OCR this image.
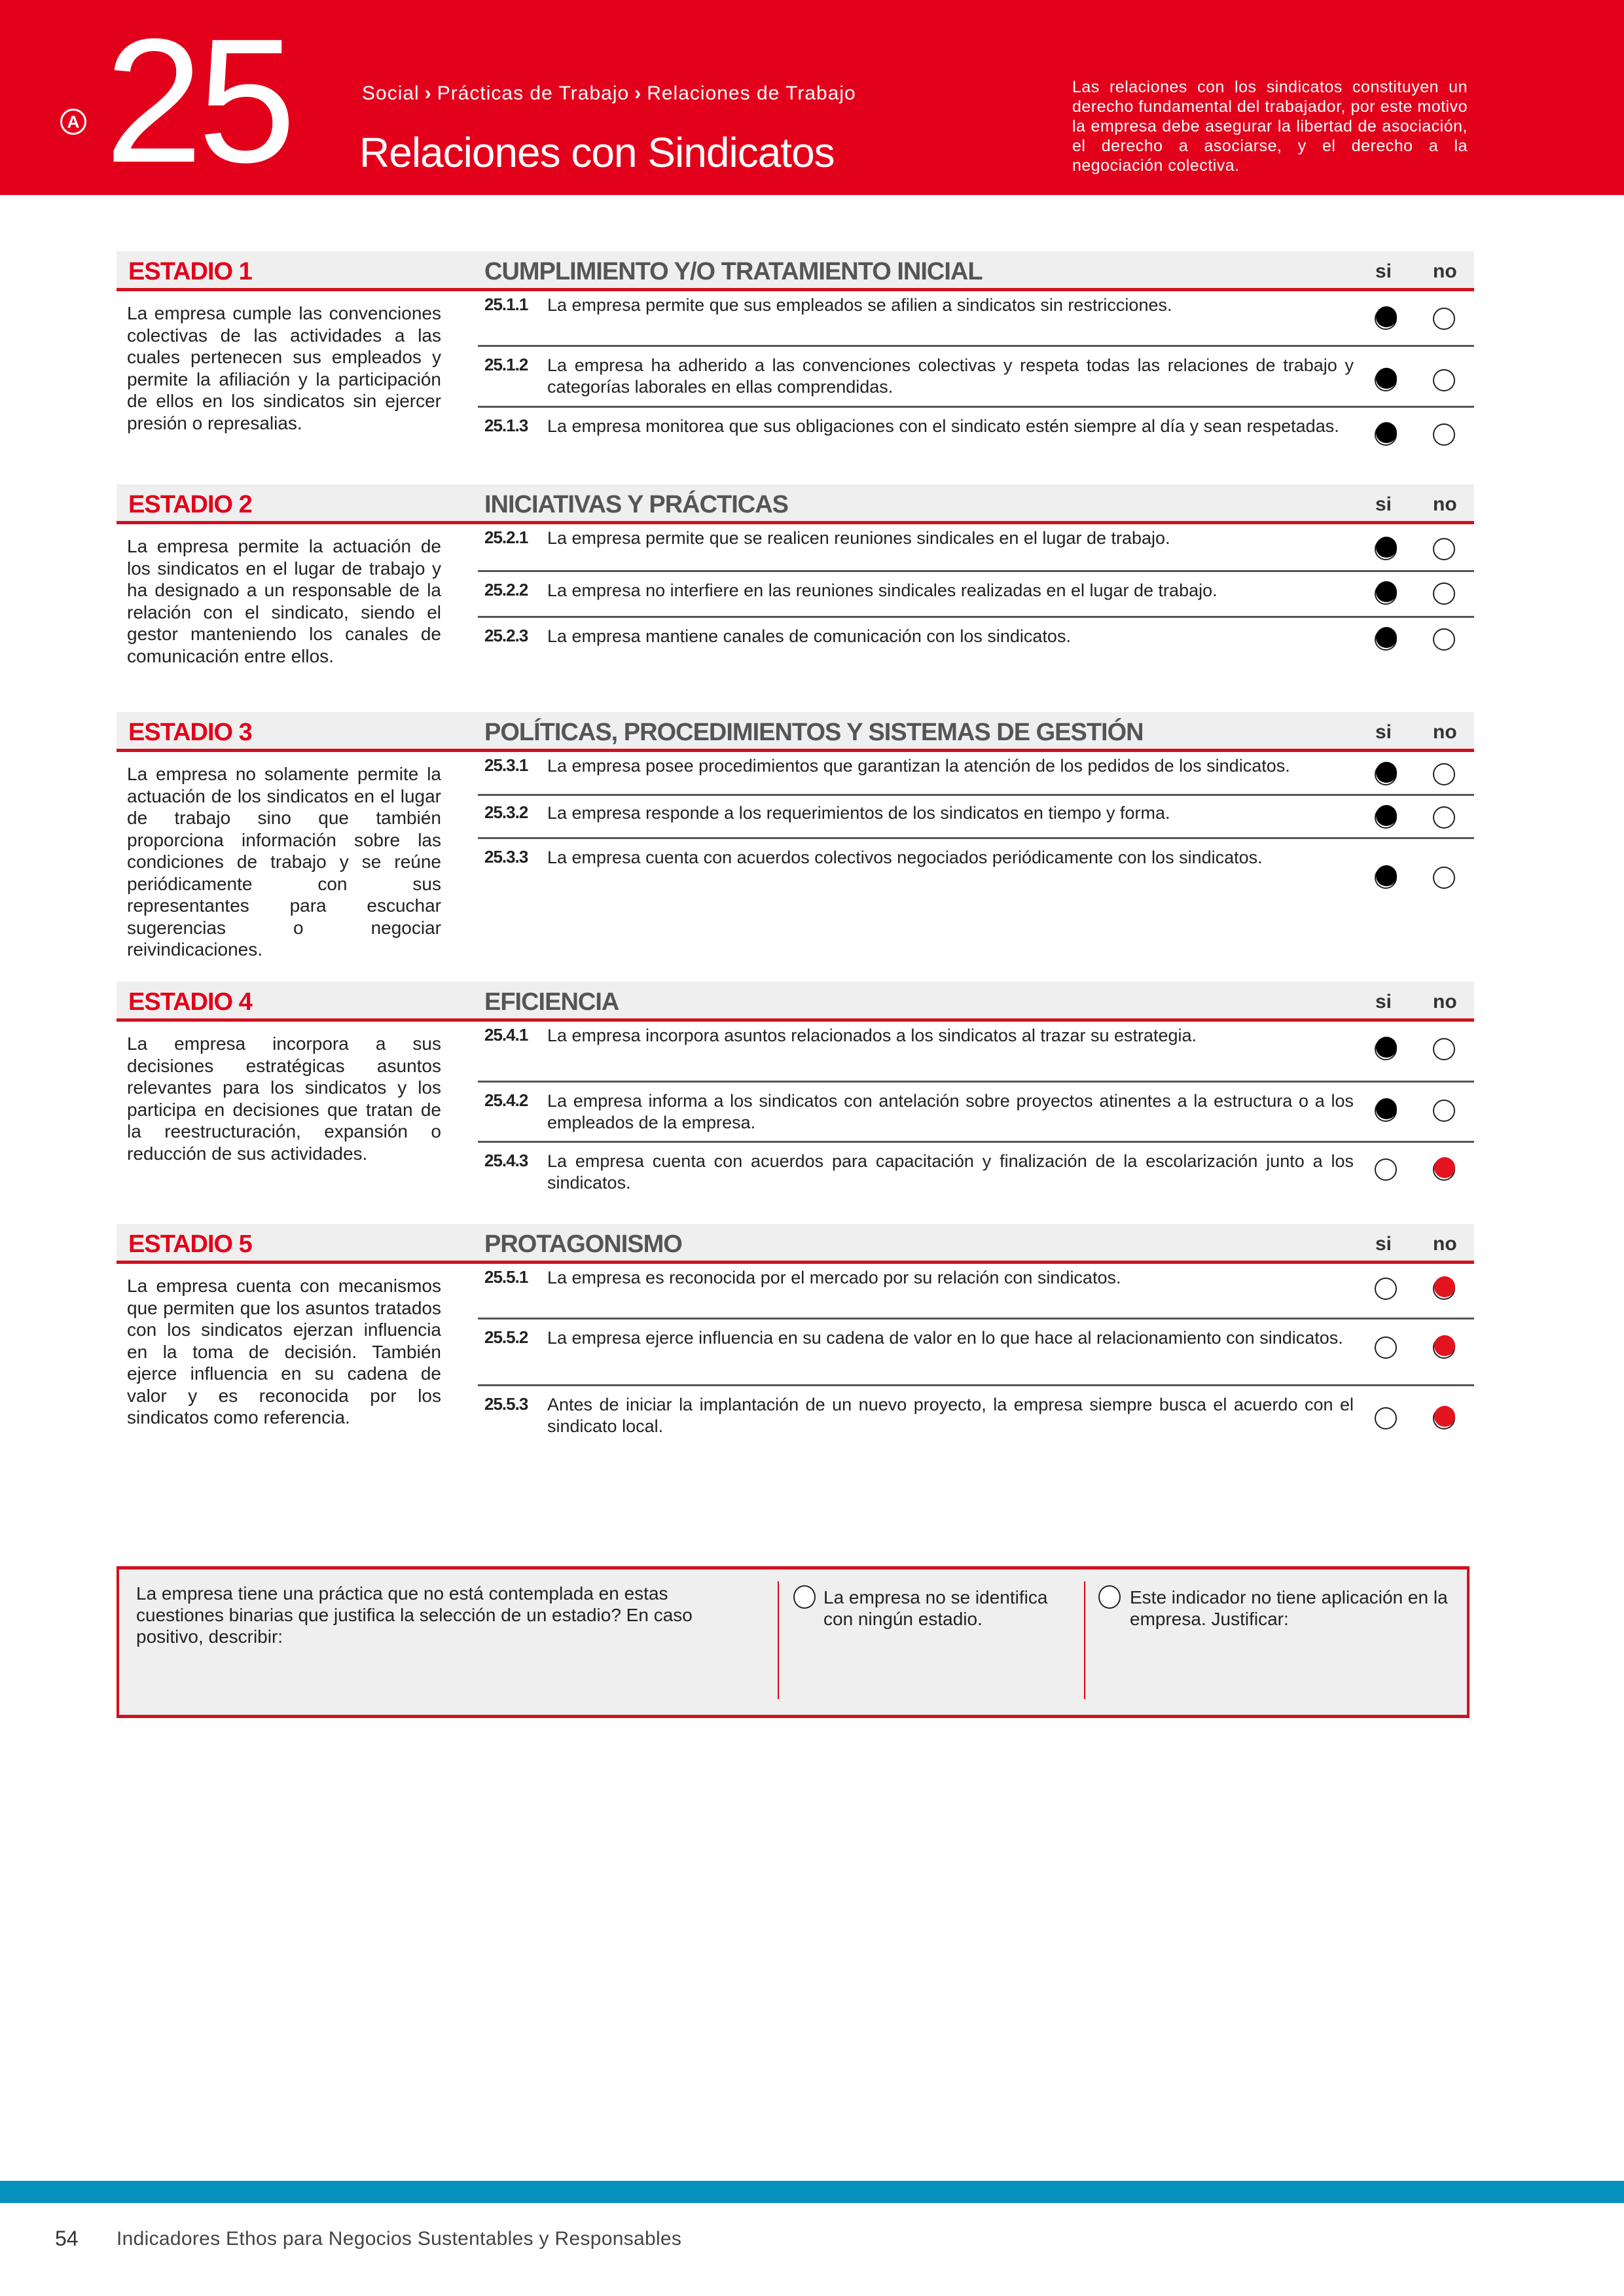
A 25	Social › Prácticas de Trabajo › Relaciones de Trabajo
Relaciones con Sindicatos
Las relaciones con los sindicatos constituyen un derecho fundamental del trabajador, por este motivo la empresa debe asegurar la libertad de asociación, el derecho a asociarse, y el derecho a la negociación colectiva.
ESTADIO 1	CUMPLIMIENTO Y/O TRATAMIENTO INICIAL	si no
La empresa cumple las convenciones colectivas de las actividades a las cuales pertenecen sus empleados y permite la afiliación y la participación de ellos en los sindicatos sin ejercer presión o represalias.
25.1.1 La empresa permite que sus empleados se afilien a sindicatos sin restricciones.
25.1.2 La empresa ha adherido a las convenciones colectivas y respeta todas las relaciones de trabajo y categorías laborales en ellas comprendidas.
25.1.3 La empresa monitorea que sus obligaciones con el sindicato estén siempre al día y sean respetadas.
ESTADIO 2	INICIATIVAS Y PRÁCTICAS	si no
La empresa permite la actuación de los sindicatos en el lugar de trabajo y ha designado a un responsable de la relación con el sindicato, siendo el gestor manteniendo los canales de comunicación entre ellos.
25.2.1 La empresa permite que se realicen reuniones sindicales en el lugar de trabajo.
25.2.2 La empresa no interfiere en las reuniones sindicales realizadas en el lugar de trabajo.
25.2.3 La empresa mantiene canales de comunicación con los sindicatos.
ESTADIO 3	POLÍTICAS, PROCEDIMIENTOS Y SISTEMAS DE GESTIÓN	si no
La empresa no solamente permite la actuación de los sindicatos en el lugar de trabajo sino que también proporciona información sobre las condiciones de trabajo y se reúne periódicamente con sus representantes para escuchar sugerencias o negociar reivindicaciones.
25.3.1 La empresa posee procedimientos que garantizan la atención de los pedidos de los sindicatos.
25.3.2 La empresa responde a los requerimientos de los sindicatos en tiempo y forma.
25.3.3 La empresa cuenta con acuerdos colectivos negociados periódicamente con los sindicatos.
ESTADIO 4	EFICIENCIA	si no
La empresa incorpora a sus decisiones estratégicas asuntos relevantes para los sindicatos y los participa en decisiones que tratan de la reestructuración, expansión o reducción de sus actividades.
25.4.1 La empresa incorpora asuntos relacionados a los sindicatos al trazar su estrategia.
25.4.2 La empresa informa a los sindicatos con antelación sobre proyectos atinentes a la estructura o a los empleados de la empresa.
25.4.3 La empresa cuenta con acuerdos para capacitación y finalización de la escolarización junto a los sindicatos.
ESTADIO 5	PROTAGONISMO	si no
La empresa cuenta con mecanismos que permiten que los asuntos tratados con los sindicatos ejerzan influencia en la toma de decisión. También ejerce influencia en su cadena de valor y es reconocida por los sindicatos como referencia.
25.5.1 La empresa es reconocida por el mercado por su relación con sindicatos.
25.5.2 La empresa ejerce influencia en su cadena de valor en lo que hace al relacionamiento con sindicatos.
25.5.3 Antes de iniciar la implantación de un nuevo proyecto, la empresa siempre busca el acuerdo con el sindicato local.
La empresa tiene una práctica que no está contemplada en estas cuestiones binarias que justifica la selección de un estadio? En caso positivo, describir:
La empresa no se identifica con ningún estadio.
Este indicador no tiene aplicación en la empresa. Justificar:
54 Indicadores Ethos para Negocios Sustentables y Responsables
